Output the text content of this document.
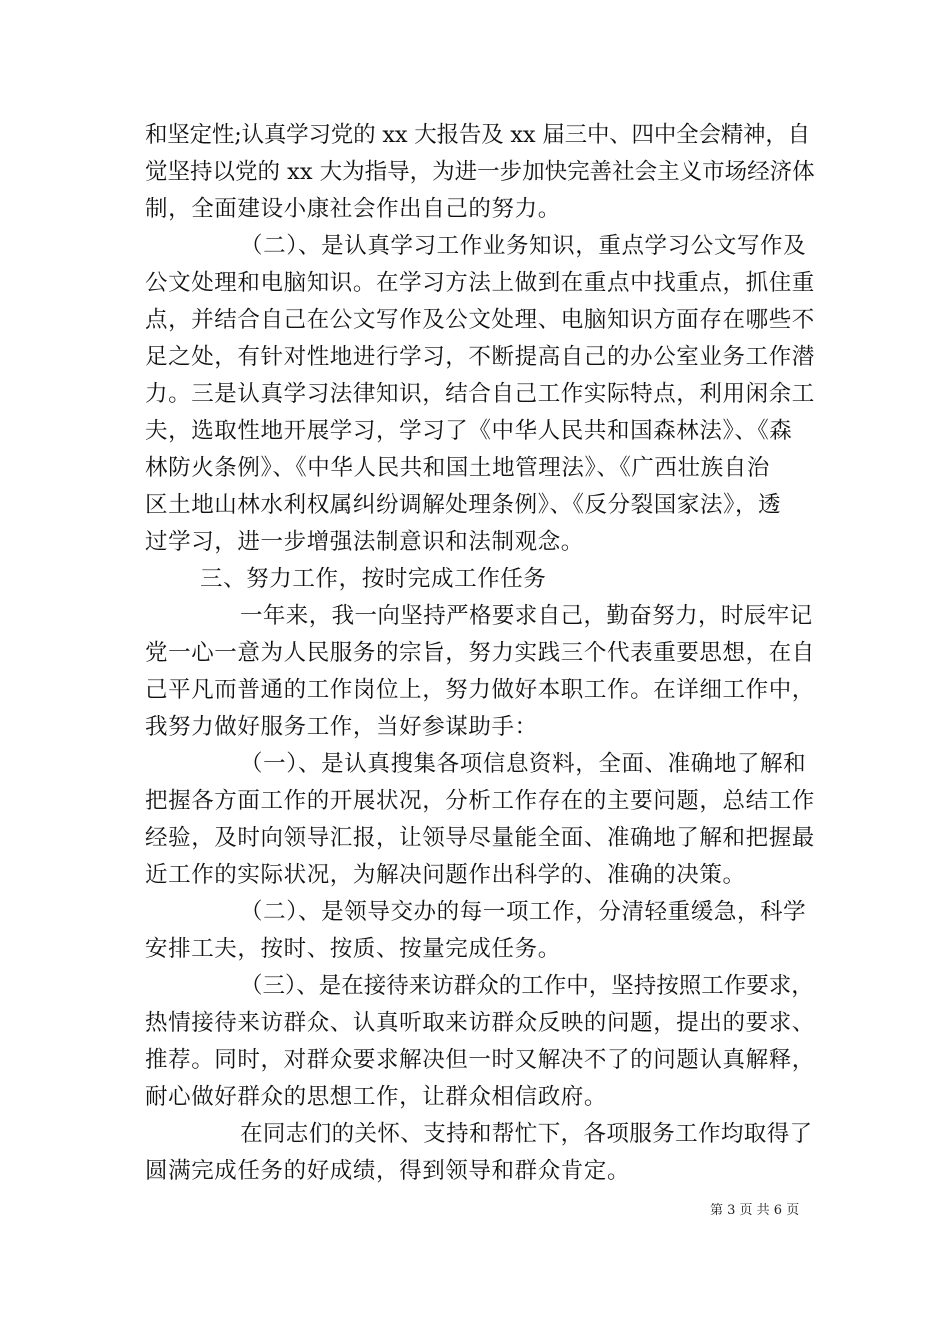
和坚定性;认真学习党的 xx 大报告及 xx 届三中、四中全会精神，自

觉坚持以党的 xx 大为指导，为进一步加快完善社会主义市场经济体

制，全面建设小康社会作出自己的努力。

（二）、是认真学习工作业务知识，重点学习公文写作及

公文处理和电脑知识。在学习方法上做到在重点中找重点，抓住重

点，并结合自己在公文写作及公文处理、电脑知识方面存在哪些不

足之处，有针对性地进行学习，不断提高自己的办公室业务工作潜

力。三是认真学习法律知识，结合自己工作实际特点，利用闲余工

夫，选取性地开展学习，学习了《中华人民共和国森林法》、《森

林防火条例》、《中华人民共和国土地管理法》、《广西壮族自治

区土地山林水利权属纠纷调解处理条例》、《反分裂国家法》，透

过学习，进一步增强法制意识和法制观念。

三、努力工作，按时完成工作任务

一年来，我一向坚持严格要求自己，勤奋努力，时辰牢记

党一心一意为人民服务的宗旨，努力实践三个代表重要思想，在自

己平凡而普通的工作岗位上，努力做好本职工作。在详细工作中，

我努力做好服务工作，当好参谋助手：

（一）、是认真搜集各项信息资料，全面、准确地了解和

把握各方面工作的开展状况，分析工作存在的主要问题，总结工作

经验，及时向领导汇报，让领导尽量能全面、准确地了解和把握最

近工作的实际状况，为解决问题作出科学的、准确的决策。

（二）、是领导交办的每一项工作，分清轻重缓急，科学

安排工夫，按时、按质、按量完成任务。

（三）、是在接待来访群众的工作中，坚持按照工作要求，

热情接待来访群众、认真听取来访群众反映的问题，提出的要求、

推荐。同时，对群众要求解决但一时又解决不了的问题认真解释，

耐心做好群众的思想工作，让群众相信政府。

在同志们的关怀、支持和帮忙下，各项服务工作均取得了

圆满完成任务的好成绩，得到领导和群众肯定。

第 3 页 共 6 页
